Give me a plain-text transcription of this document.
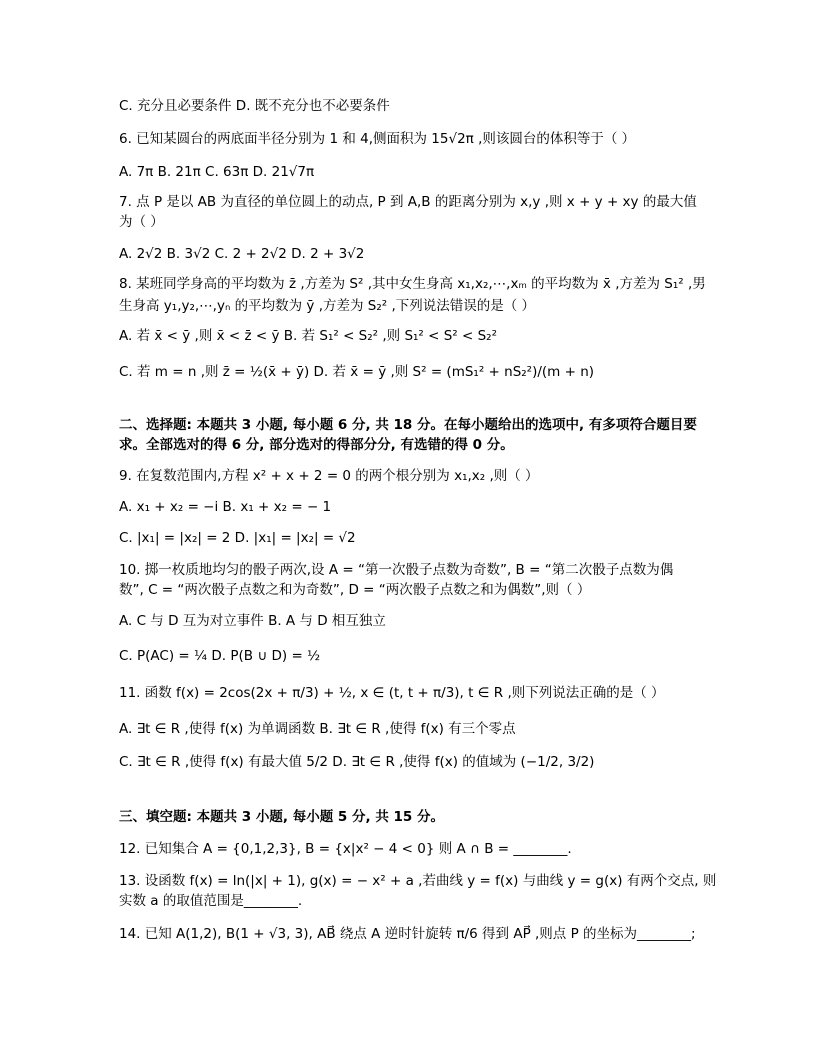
C. 充分且必要条件 D. 既不充分也不必要条件
6. 已知某圆台的两底面半径分别为 1 和 4,侧面积为 15√2π ,则该圆台的体积等于（ ）
A. 7π B. 21π C. 63π D. 21√7π
7. 点 P 是以 AB 为直径的单位圆上的动点, P 到 A,B 的距离分别为 x,y ,则 x + y + xy 的最大值
为（ ）
A. 2√2 B. 3√2 C. 2 + 2√2 D. 2 + 3√2
8. 某班同学身高的平均数为 z̄ ,方差为 S² ,其中女生身高 x₁,x₂,⋯,xₘ 的平均数为 x̄ ,方差为 S₁² ,男
生身高 y₁,y₂,⋯,yₙ 的平均数为 ȳ ,方差为 S₂² ,下列说法错误的是（ ）
A. 若 x̄ < ȳ ,则 x̄ < z̄ < ȳ B. 若 S₁² < S₂² ,则 S₁² < S² < S₂²
C. 若 m = n ,则 z̄ = ½(x̄ + ȳ) D. 若 x̄ = ȳ ,则 S² = (mS₁² + nS₂²)/(m + n)
二、选择题: 本题共 3 小题, 每小题 6 分, 共 18 分。在每小题给出的选项中, 有多项符合题目要
求。全部选对的得 6 分, 部分选对的得部分分, 有选错的得 0 分。
9. 在复数范围内,方程 x² + x + 2 = 0 的两个根分别为 x₁,x₂ ,则（ ）
A. x₁ + x₂ = −i B. x₁ + x₂ = − 1
C. |x₁| = |x₂| = 2 D. |x₁| = |x₂| = √2
10. 掷一枚质地均匀的骰子两次,设 A = “第一次骰子点数为奇数”, B = “第二次骰子点数为偶
数”, C = “两次骰子点数之和为奇数”, D = “两次骰子点数之和为偶数”,则（ ）
A. C 与 D 互为对立事件 B. A 与 D 相互独立
C. P(AC) = ¼ D. P(B ∪ D) = ½
11. 函数 f(x) = 2cos(2x + π/3) + ½, x ∈ (t, t + π/3), t ∈ R ,则下列说法正确的是（ ）
A. ∃t ∈ R ,使得 f(x) 为单调函数 B. ∃t ∈ R ,使得 f(x) 有三个零点
C. ∃t ∈ R ,使得 f(x) 有最大值 5/2 D. ∃t ∈ R ,使得 f(x) 的值域为 (−1/2, 3/2)
三、填空题: 本题共 3 小题, 每小题 5 分, 共 15 分。
12. 已知集合 A = {0,1,2,3}, B = {x|x² − 4 < 0} 则 A ∩ B = ________.
13. 设函数 f(x) = ln(|x| + 1), g(x) = − x² + a ,若曲线 y = f(x) 与曲线 y = g(x) 有两个交点, 则
实数 a 的取值范围是________.
14. 已知 A(1,2), B(1 + √3, 3), AB⃗ 绕点 A 逆时针旋转 π/6 得到 AP⃗ ,则点 P 的坐标为________;
